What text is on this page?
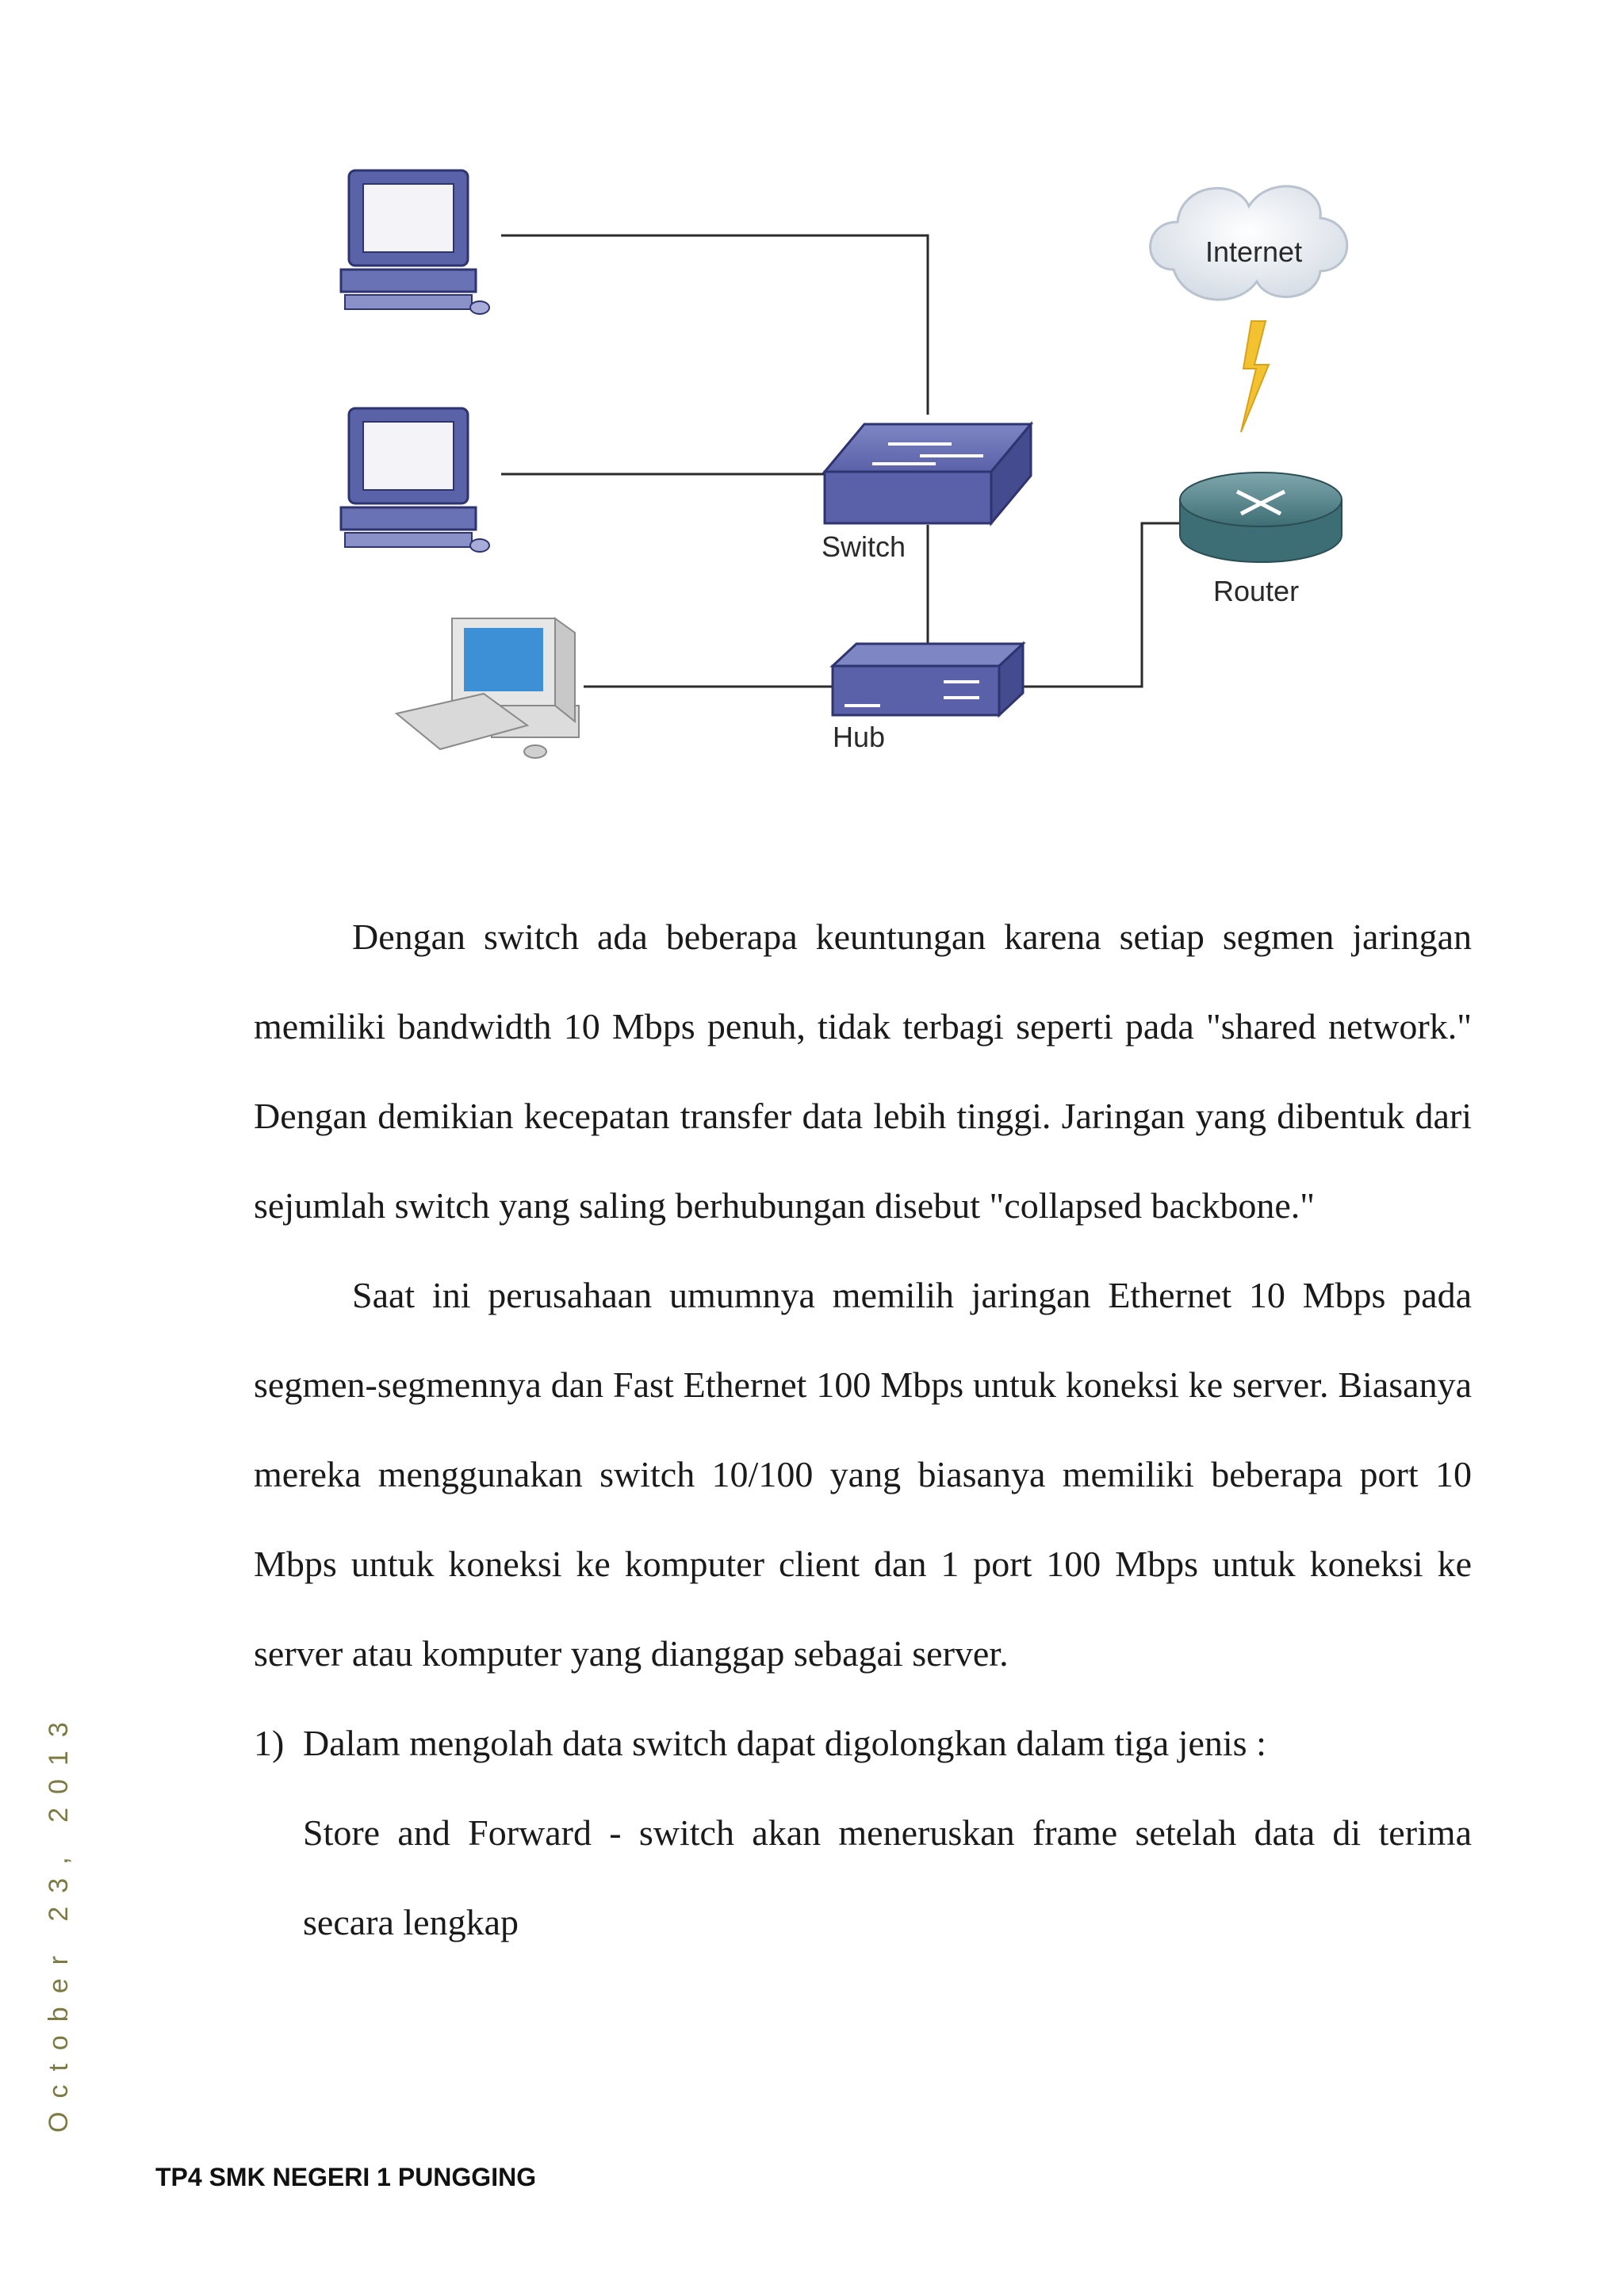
Switch
Hub
Internet
Router

Dengan switch ada beberapa keuntungan karena setiap segmen jaringan memiliki bandwidth 10 Mbps penuh, tidak terbagi seperti pada "shared network." Dengan demikian kecepatan transfer data lebih tinggi. Jaringan yang dibentuk dari sejumlah switch yang saling berhubungan disebut "collapsed backbone."

Saat ini perusahaan umumnya memilih jaringan Ethernet 10 Mbps pada segmen-segmennya dan Fast Ethernet 100 Mbps untuk koneksi ke server. Biasanya mereka menggunakan switch 10/100 yang biasanya memiliki beberapa port 10 Mbps untuk koneksi ke komputer client dan 1 port 100 Mbps untuk koneksi ke server atau komputer yang dianggap sebagai server.

1) Dalam mengolah data switch dapat digolongkan dalam tiga jenis :

Store and Forward - switch akan meneruskan frame setelah data di terima secara lengkap

October 23, 2013
TP4 SMK NEGERI 1 PUNGGING
